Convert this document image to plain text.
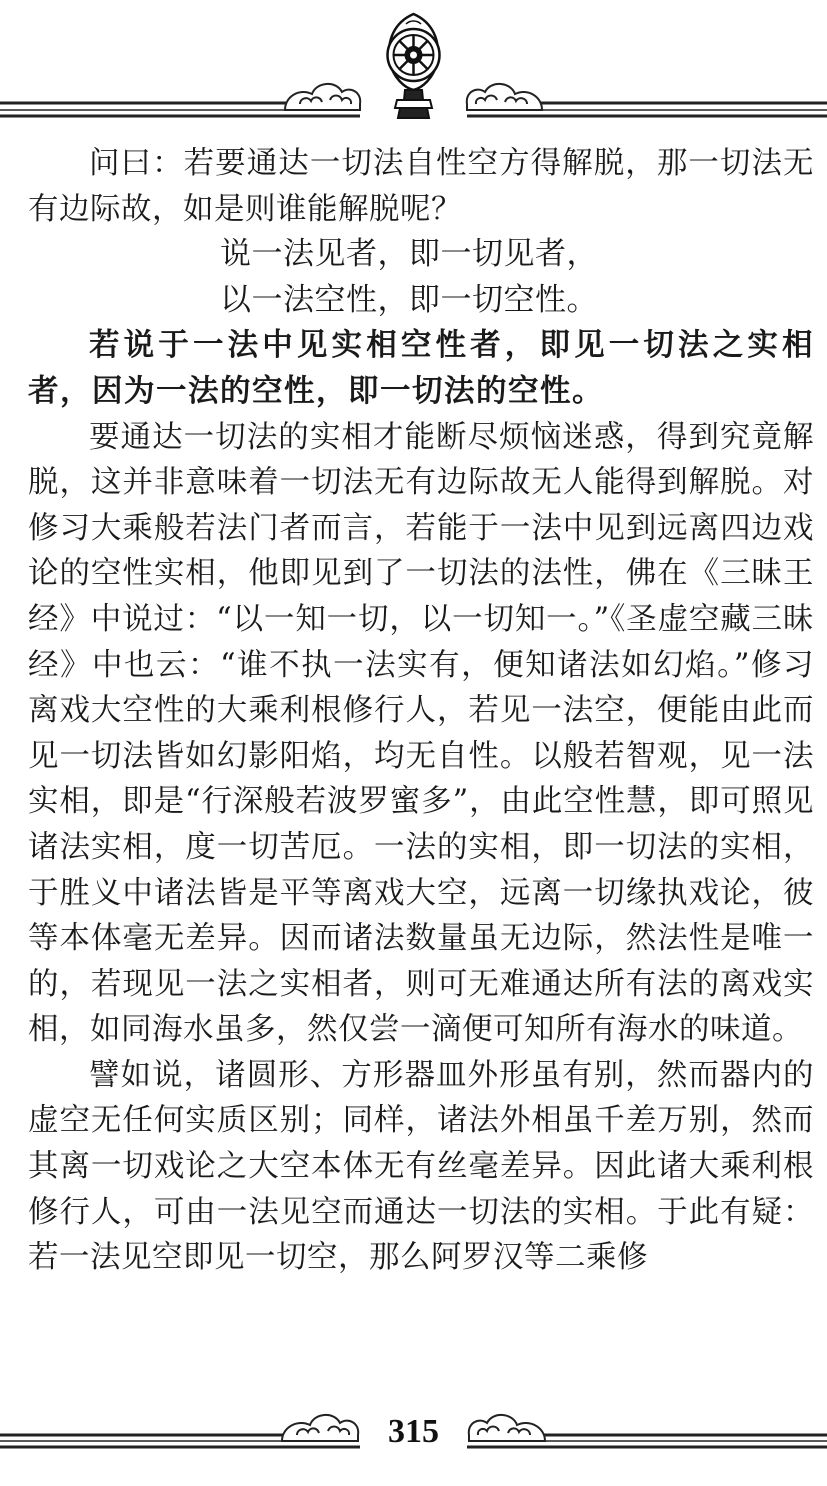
问曰：若要通达一切法自性空方得解脱，那一切法无有边际故，如是则谁能解脱呢？

说一法见者，即一切见者，

以一法空性，即一切空性。

若说于一法中见实相空性者，即见一切法之实相者，因为一法的空性，即一切法的空性。

要通达一切法的实相才能断尽烦恼迷惑，得到究竟解脱，这并非意味着一切法无有边际故无人能得到解脱。对修习大乘般若法门者而言，若能于一法中见到远离四边戏论的空性实相，他即见到了一切法的法性，佛在《三昧王经》中说过：“以一知一切，以一切知一。”《圣虚空藏三昧经》中也云：“谁不执一法实有，便知诸法如幻焰。”修习离戏大空性的大乘利根修行人，若见一法空，便能由此而见一切法皆如幻影阳焰，均无自性。以般若智观，见一法实相，即是“行深般若波罗蜜多”，由此空性慧，即可照见诸法实相，度一切苦厄。一法的实相，即一切法的实相，于胜义中诸法皆是平等离戏大空，远离一切缘执戏论，彼等本体毫无差异。因而诸法数量虽无边际，然法性是唯一的，若现见一法之实相者，则可无难通达所有法的离戏实相，如同海水虽多，然仅尝一滴便可知所有海水的味道。

譬如说，诸圆形、方形器皿外形虽有别，然而器内的虚空无任何实质区别；同样，诸法外相虽千差万别，然而其离一切戏论之大空本体无有丝毫差异。因此诸大乘利根修行人，可由一法见空而通达一切法的实相。于此有疑：若一法见空即见一切空，那么阿罗汉等二乘修

315
